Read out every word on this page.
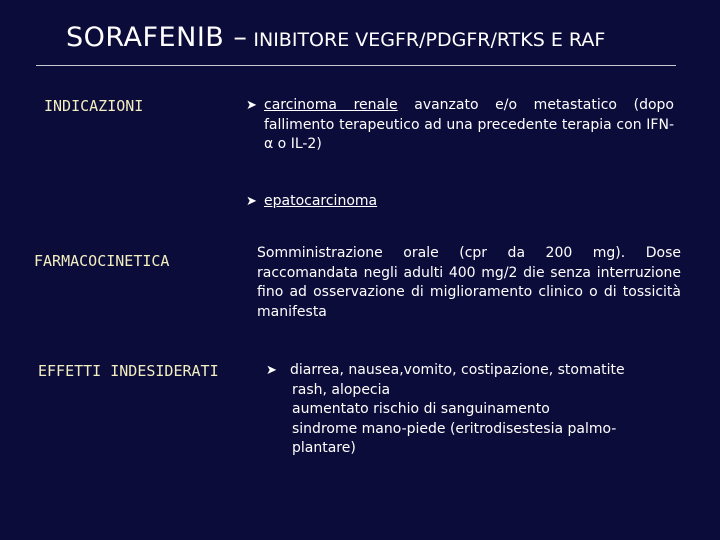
SORAFENIB – INIBITORE VEGFR/PDGFR/RTKS E RAF
INDICAZIONI	➤ carcinoma renale avanzato e/o metastatico (dopo fallimento terapeutico ad una precedente terapia con IFN-α o IL-2)
➤ epatocarcinoma
FARMACOCINETICA	Somministrazione orale (cpr da 200 mg). Dose raccomandata negli adulti 400 mg/2 die senza interruzione fino ad osservazione di miglioramento clinico o di tossicità manifesta
EFFETTI INDESIDERATI	➤ diarrea, nausea,vomito, costipazione, stomatite
rash, alopecia
aumentato rischio di sanguinamento
sindrome mano-piede (eritrodisestesia palmo-
plantare)
